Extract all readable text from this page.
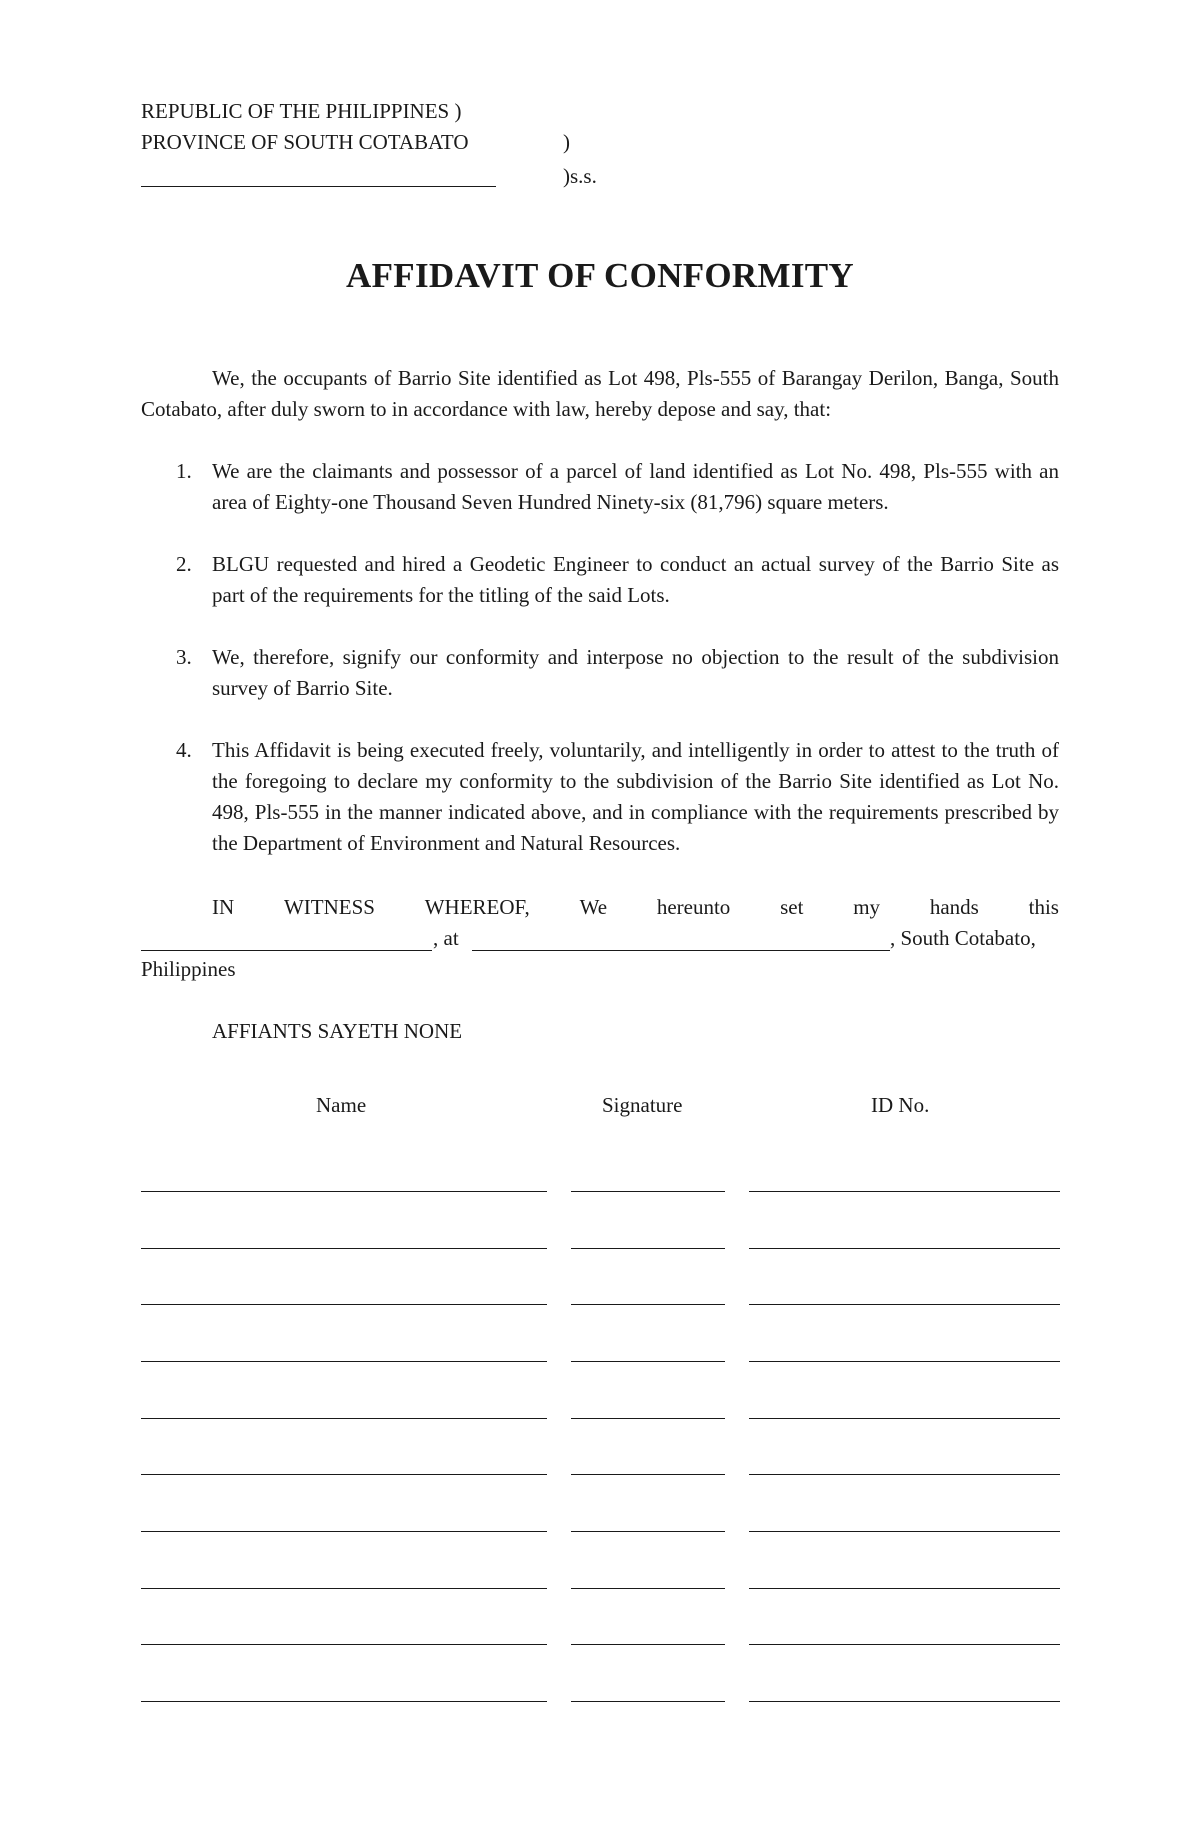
REPUBLIC OF THE PHILIPPINES )
PROVINCE OF SOUTH COTABATO	)
)s.s.
AFFIDAVIT OF CONFORMITY
We, the occupants of Barrio Site identified as Lot 498, Pls-555 of Barangay Derilon, Banga, South Cotabato, after duly sworn to in accordance with law, hereby depose and say, that:
1. We are the claimants and possessor of a parcel of land identified as Lot No. 498, Pls-555 with an area of Eighty-one Thousand Seven Hundred Ninety-six (81,796) square meters.
2. BLGU requested and hired a Geodetic Engineer to conduct an actual survey of the Barrio Site as part of the requirements for the titling of the said Lots.
3. We, therefore, signify our conformity and interpose no objection to the result of the subdivision survey of Barrio Site.
4. This Affidavit is being executed freely, voluntarily, and intelligently in order to attest to the truth of the foregoing to declare my conformity to the subdivision of the Barrio Site identified as Lot No. 498, Pls-555 in the manner indicated above, and in compliance with the requirements prescribed by the Department of Environment and Natural Resources.
IN WITNESS WHEREOF, We hereunto set my hands this
, at	, South Cotabato,
Philippines
AFFIANTS SAYETH NONE
Name	Signature	ID No.
